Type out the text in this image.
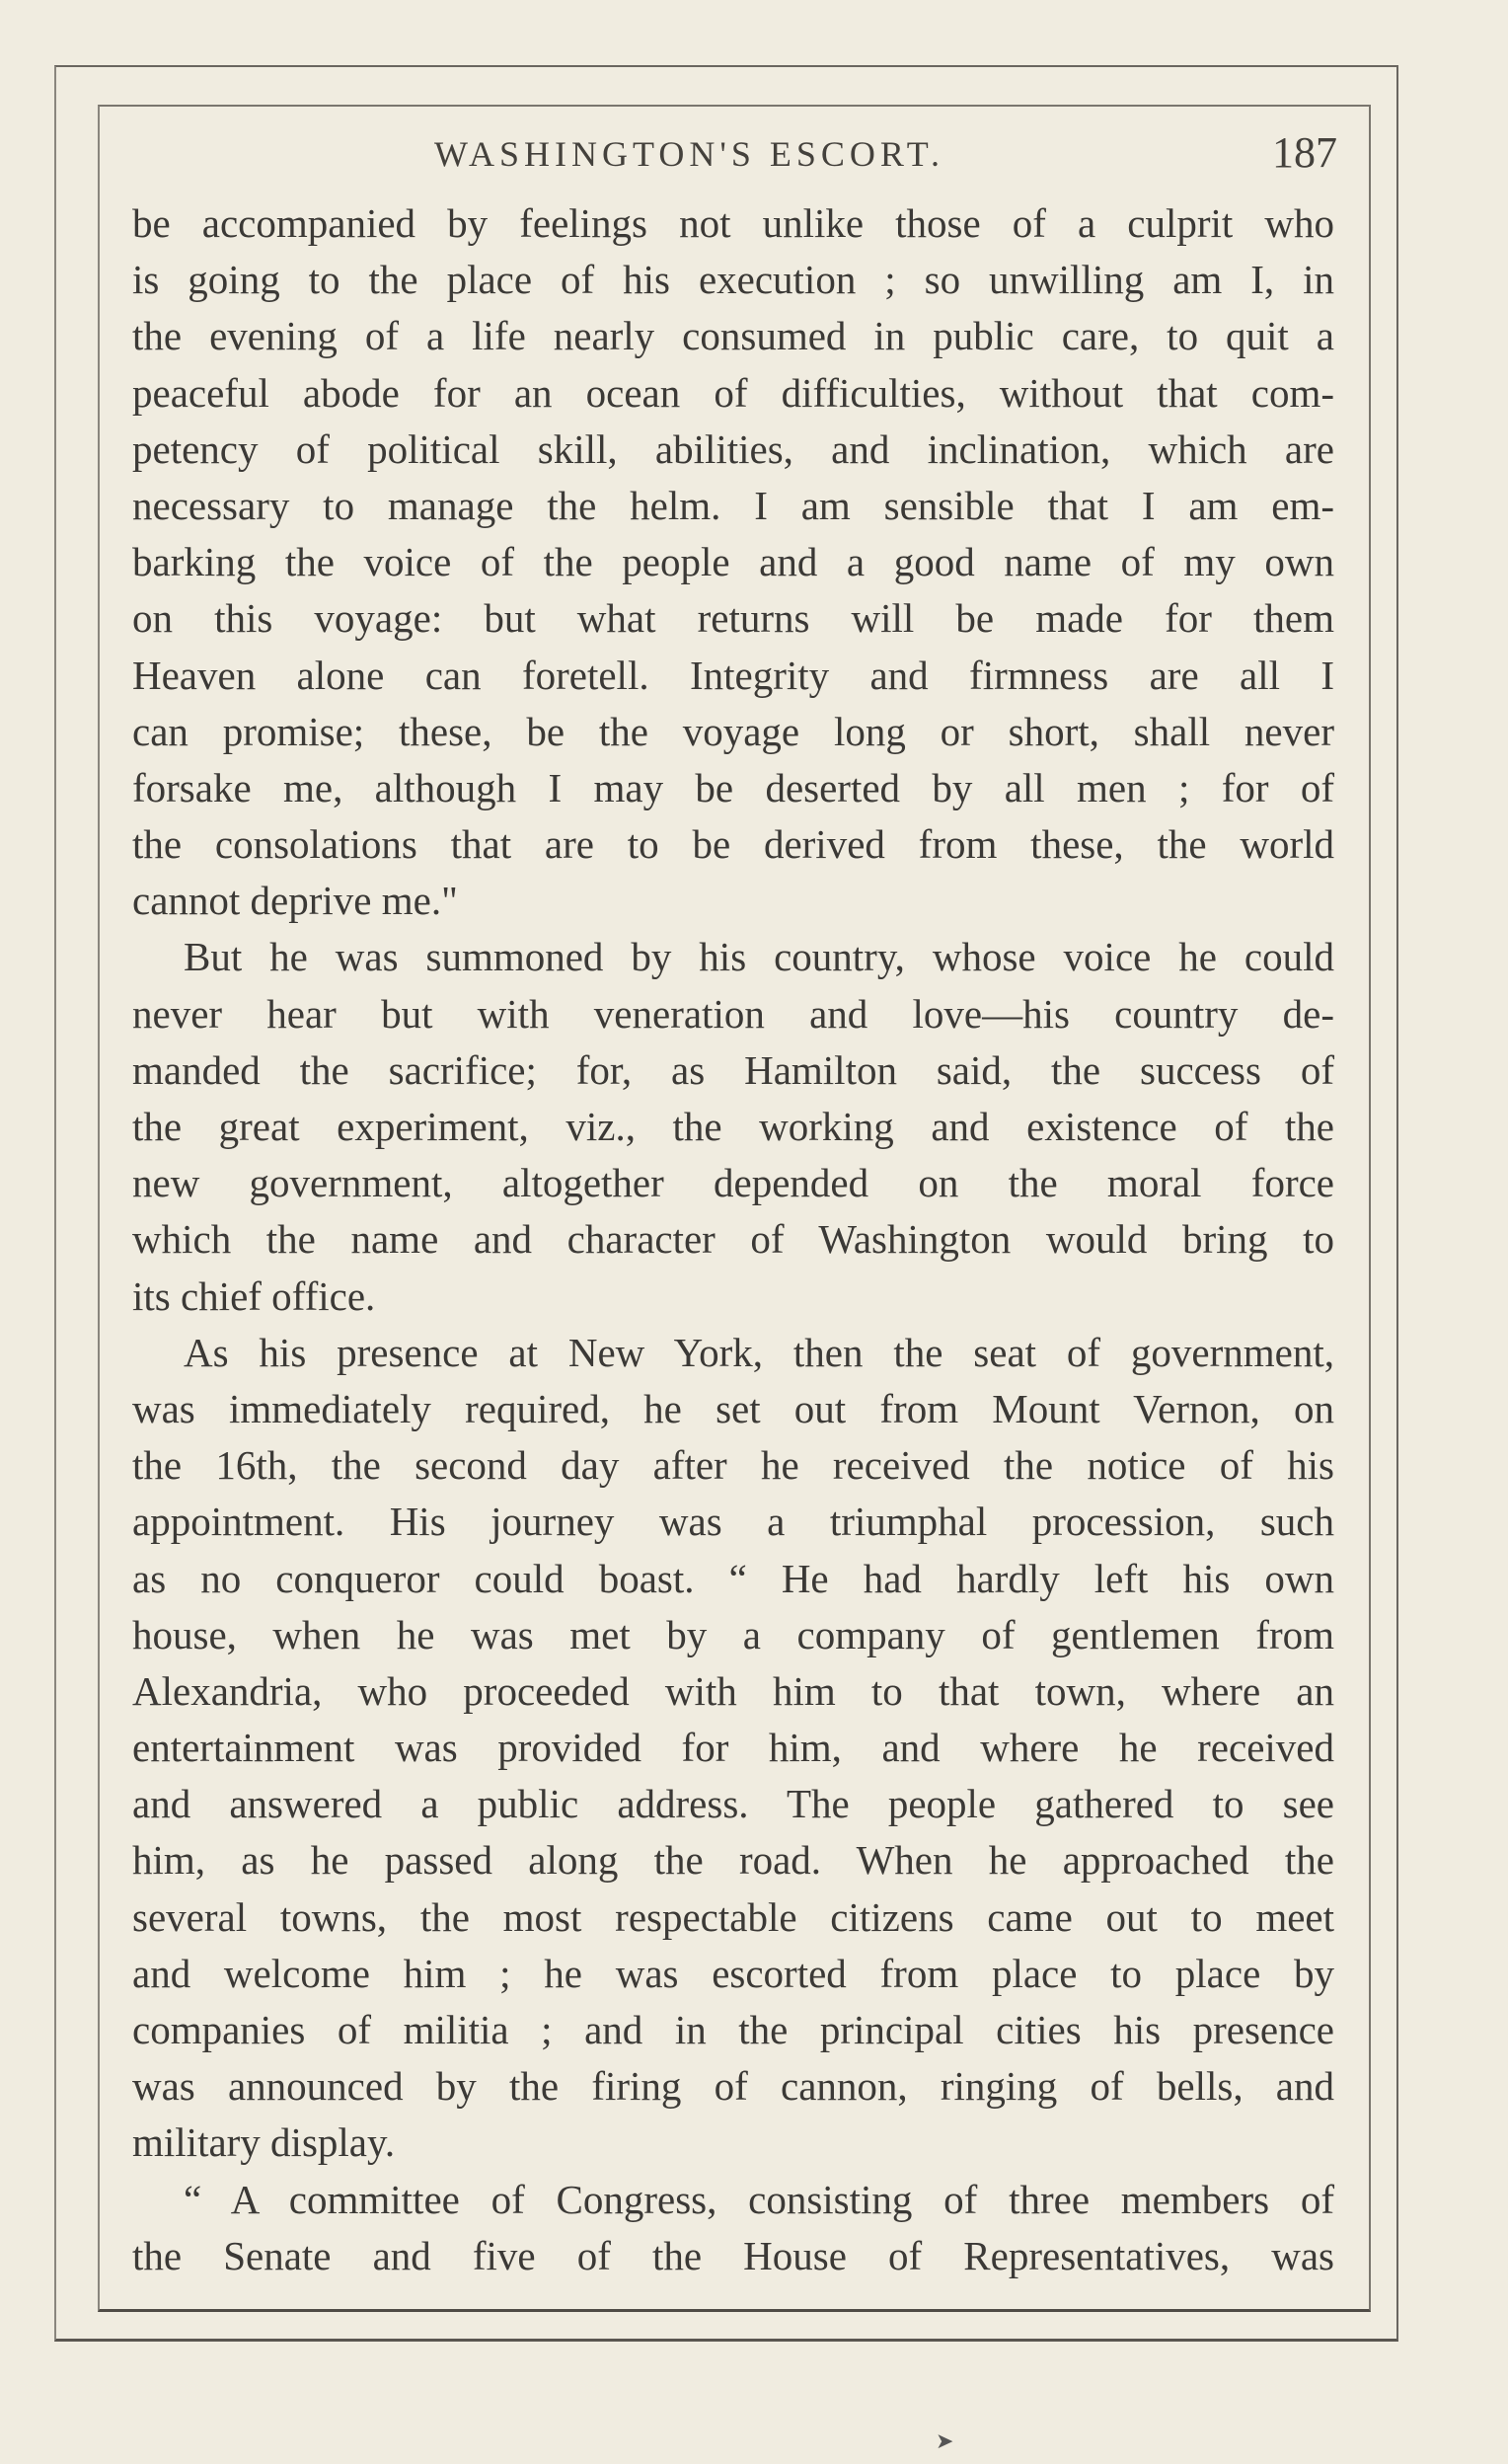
WASHINGTON'S ESCORT.	187
be accompanied by feelings not unlike those of a culprit who
is going to the place of his execution ; so unwilling am I, in
the evening of a life nearly consumed in public care, to quit a
peaceful abode for an ocean of difficulties, without that com-
petency of political skill, abilities, and inclination, which are
necessary to manage the helm. I am sensible that I am em-
barking the voice of the people and a good name of my own
on this voyage: but what returns will be made for them
Heaven alone can foretell. Integrity and firmness are all I
can promise; these, be the voyage long or short, shall never
forsake me, although I may be deserted by all men ; for of
the consolations that are to be derived from these, the world
cannot deprive me."
But he was summoned by his country, whose voice he could
never hear but with veneration and love—his country de-
manded the sacrifice; for, as Hamilton said, the success of
the great experiment, viz., the working and existence of the
new government, altogether depended on the moral force
which the name and character of Washington would bring to
its chief office.
As his presence at New York, then the seat of government,
was immediately required, he set out from Mount Vernon, on
the 16th, the second day after he received the notice of his
appointment. His journey was a triumphal procession, such
as no conqueror could boast. “ He had hardly left his own
house, when he was met by a company of gentlemen from
Alexandria, who proceeded with him to that town, where an
entertainment was provided for him, and where he received
and answered a public address. The people gathered to see
him, as he passed along the road. When he approached the
several towns, the most respectable citizens came out to meet
and welcome him ; he was escorted from place to place by
companies of militia ; and in the principal cities his presence
was announced by the firing of cannon, ringing of bells, and
military display.
“ A committee of Congress, consisting of three members of
the Senate and five of the House of Representatives, was
➤
